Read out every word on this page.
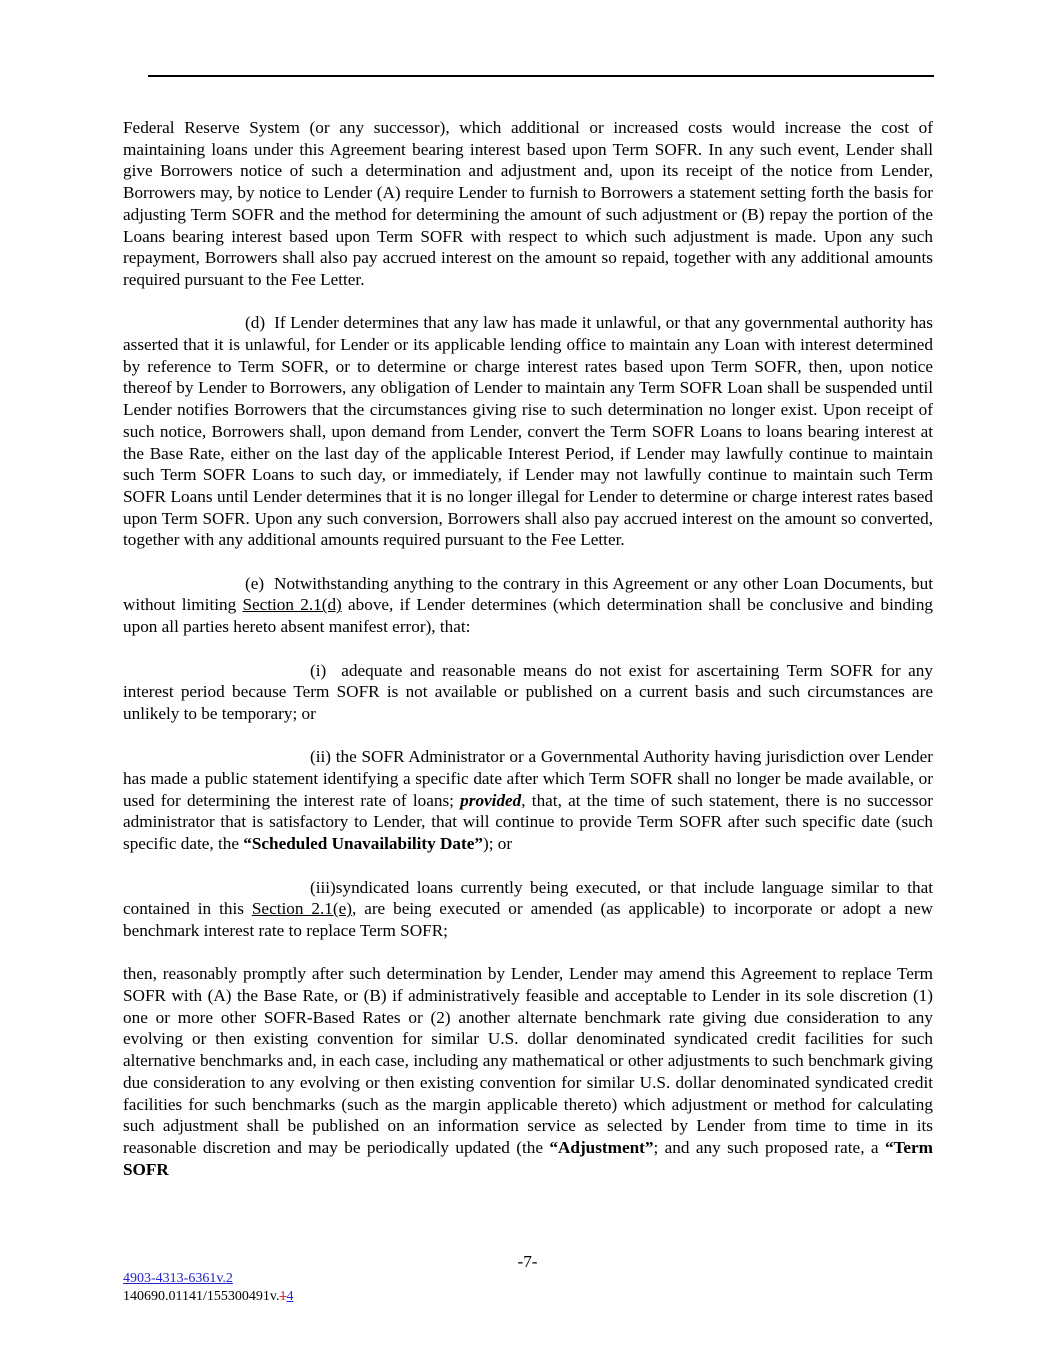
Federal Reserve System (or any successor), which additional or increased costs would increase the cost of maintaining loans under this Agreement bearing interest based upon Term SOFR. In any such event, Lender shall give Borrowers notice of such a determination and adjustment and, upon its receipt of the notice from Lender, Borrowers may, by notice to Lender (A) require Lender to furnish to Borrowers a statement setting forth the basis for adjusting Term SOFR and the method for determining the amount of such adjustment or (B) repay the portion of the Loans bearing interest based upon Term SOFR with respect to which such adjustment is made. Upon any such repayment, Borrowers shall also pay accrued interest on the amount so repaid, together with any additional amounts required pursuant to the Fee Letter.

(d)  If Lender determines that any law has made it unlawful, or that any governmental authority has asserted that it is unlawful, for Lender or its applicable lending office to maintain any Loan with interest determined by reference to Term SOFR, or to determine or charge interest rates based upon Term SOFR, then, upon notice thereof by Lender to Borrowers, any obligation of Lender to maintain any Term SOFR Loan shall be suspended until Lender notifies Borrowers that the circumstances giving rise to such determination no longer exist. Upon receipt of such notice, Borrowers shall, upon demand from Lender, convert the Term SOFR Loans to loans bearing interest at the Base Rate, either on the last day of the applicable Interest Period, if Lender may lawfully continue to maintain such Term SOFR Loans to such day, or immediately, if Lender may not lawfully continue to maintain such Term SOFR Loans until Lender determines that it is no longer illegal for Lender to determine or charge interest rates based upon Term SOFR. Upon any such conversion, Borrowers shall also pay accrued interest on the amount so converted, together with any additional amounts required pursuant to the Fee Letter.

(e)  Notwithstanding anything to the contrary in this Agreement or any other Loan Documents, but without limiting Section 2.1(d) above, if Lender determines (which determination shall be conclusive and binding upon all parties hereto absent manifest error), that:

(i)  adequate and reasonable means do not exist for ascertaining Term SOFR for any interest period because Term SOFR is not available or published on a current basis and such circumstances are unlikely to be temporary; or

(ii) the SOFR Administrator or a Governmental Authority having jurisdiction over Lender has made a public statement identifying a specific date after which Term SOFR shall no longer be made available, or used for determining the interest rate of loans; provided, that, at the time of such statement, there is no successor administrator that is satisfactory to Lender, that will continue to provide Term SOFR after such specific date (such specific date, the “Scheduled Unavailability Date”); or

(iii)syndicated loans currently being executed, or that include language similar to that contained in this Section 2.1(e), are being executed or amended (as applicable) to incorporate or adopt a new benchmark interest rate to replace Term SOFR;

then, reasonably promptly after such determination by Lender, Lender may amend this Agreement to replace Term SOFR with (A) the Base Rate, or (B) if administratively feasible and acceptable to Lender in its sole discretion (1) one or more other SOFR-Based Rates or (2) another alternate benchmark rate giving due consideration to any evolving or then existing convention for similar U.S. dollar denominated syndicated credit facilities for such alternative benchmarks and, in each case, including any mathematical or other adjustments to such benchmark giving due consideration to any evolving or then existing convention for similar U.S. dollar denominated syndicated credit facilities for such benchmarks (such as the margin applicable thereto) which adjustment or method for calculating such adjustment shall be published on an information service as selected by Lender from time to time in its reasonable discretion and may be periodically updated (the “Adjustment”; and any such proposed rate, a “Term SOFR

-7-
4903-4313-6361v.2
140690.01141/155300491v.14
